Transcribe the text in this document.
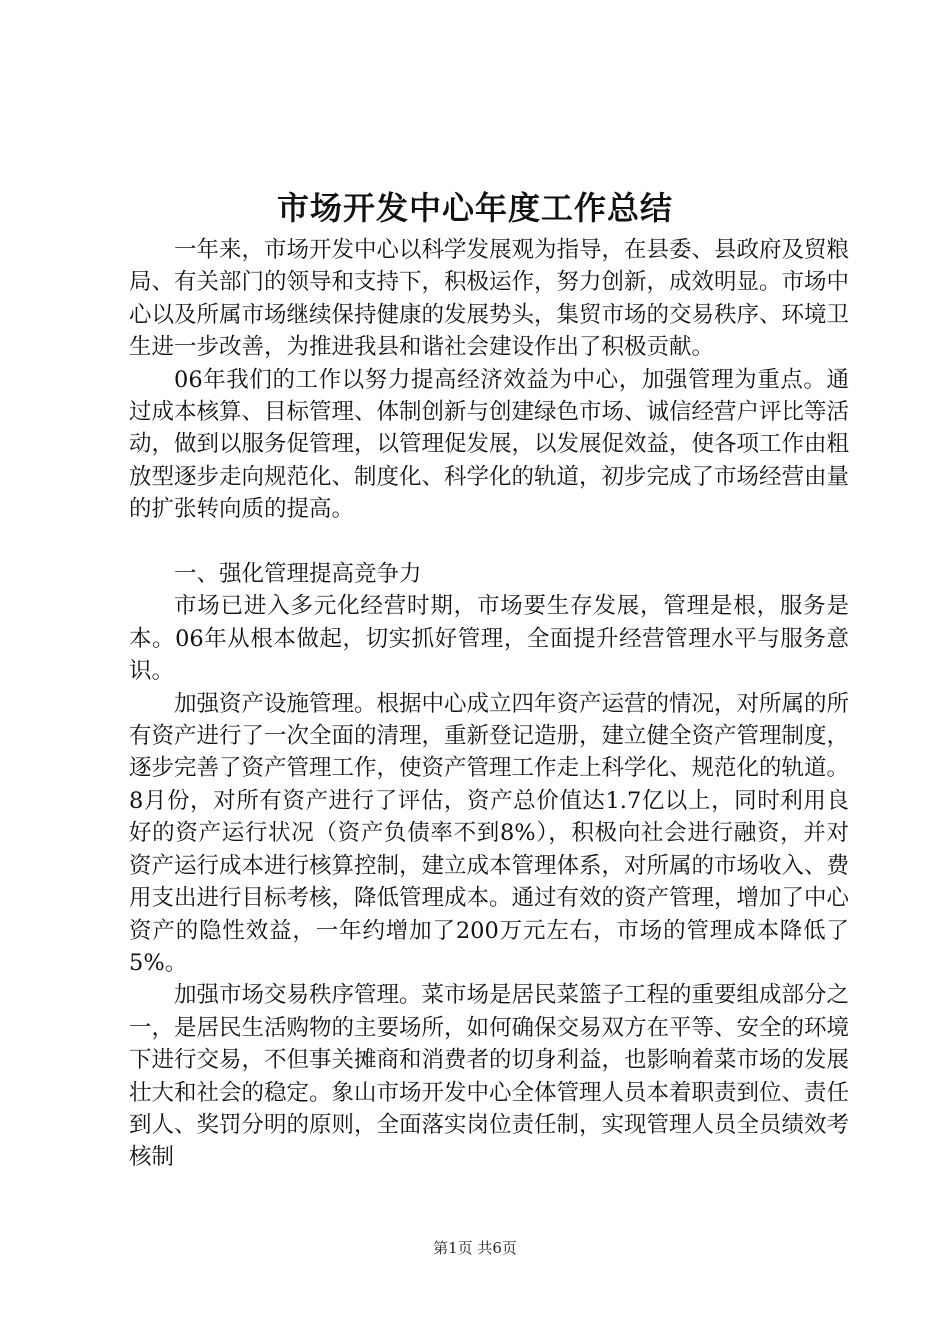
市场开发中心年度工作总结

一年来，市场开发中心以科学发展观为指导，在县委、县政府及贸粮局、有关部门的领导和支持下，积极运作，努力创新，成效明显。市场中心以及所属市场继续保持健康的发展势头，集贸市场的交易秩序、环境卫生进一步改善，为推进我县和谐社会建设作出了积极贡献。

06年我们的工作以努力提高经济效益为中心，加强管理为重点。通过成本核算、目标管理、体制创新与创建绿色市场、诚信经营户评比等活动，做到以服务促管理，以管理促发展，以发展促效益，使各项工作由粗放型逐步走向规范化、制度化、科学化的轨道，初步完成了市场经营由量的扩张转向质的提高。

一、强化管理提高竞争力

市场已进入多元化经营时期，市场要生存发展，管理是根，服务是本。06年从根本做起，切实抓好管理，全面提升经营管理水平与服务意识。

加强资产设施管理。根据中心成立四年资产运营的情况，对所属的所有资产进行了一次全面的清理，重新登记造册，建立健全资产管理制度，逐步完善了资产管理工作，使资产管理工作走上科学化、规范化的轨道。8月份，对所有资产进行了评估，资产总价值达1.7亿以上，同时利用良好的资产运行状况（资产负债率不到8%），积极向社会进行融资，并对资产运行成本进行核算控制，建立成本管理体系，对所属的市场收入、费用支出进行目标考核，降低管理成本。通过有效的资产管理，增加了中心资产的隐性效益，一年约增加了200万元左右，市场的管理成本降低了5%。

加强市场交易秩序管理。菜市场是居民菜篮子工程的重要组成部分之一，是居民生活购物的主要场所，如何确保交易双方在平等、安全的环境下进行交易，不但事关摊商和消费者的切身利益，也影响着菜市场的发展壮大和社会的稳定。象山市场开发中心全体管理人员本着职责到位、责任到人、奖罚分明的原则，全面落实岗位责任制，实现管理人员全员绩效考核制

第1页 共6页
